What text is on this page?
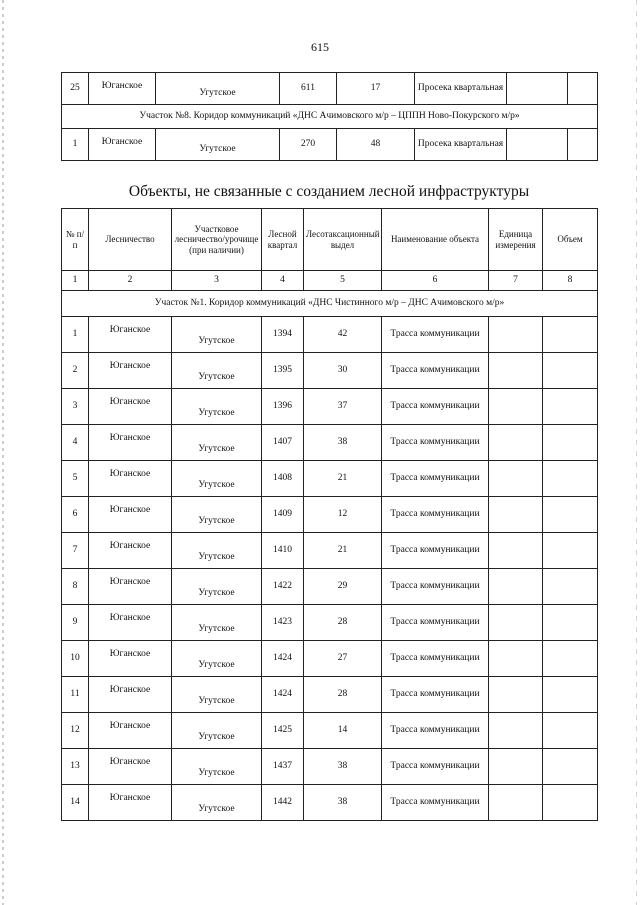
615
25	Юганское	Угутское	611	17	Просека квартальная		
Участок №8. Коридор коммуникаций «ДНС Ачимовского м/р – ЦППН Ново-Покурского м/р»							
1	Юганское	Угутское	270	48	Просека квартальная		
Объекты, не связанные с созданием лесной инфраструктуры
№ п/п	Лесничество	Участковое лесничество/урочище (при наличии)	Лесной квартал	Лесотаксационный выдел	Наименование объекта	Единица измерения	Объем
1	2	3	4	5	6	7	8
Участок №1. Коридор коммуникаций «ДНС Чистинного м/р – ДНС Ачимовского м/р»							
1	Юганское	Угутское	1394	42	Трасса коммуникации		
2	Юганское	Угутское	1395	30	Трасса коммуникации		
3	Юганское	Угутское	1396	37	Трасса коммуникации		
4	Юганское	Угутское	1407	38	Трасса коммуникации		
5	Юганское	Угутское	1408	21	Трасса коммуникации		
6	Юганское	Угутское	1409	12	Трасса коммуникации		
7	Юганское	Угутское	1410	21	Трасса коммуникации		
8	Юганское	Угутское	1422	29	Трасса коммуникации		
9	Юганское	Угутское	1423	28	Трасса коммуникации		
10	Юганское	Угутское	1424	27	Трасса коммуникации		
11	Юганское	Угутское	1424	28	Трасса коммуникации		
12	Юганское	Угутское	1425	14	Трасса коммуникации		
13	Юганское	Угутское	1437	38	Трасса коммуникации		
14	Юганское	Угутское	1442	38	Трасса коммуникации		
